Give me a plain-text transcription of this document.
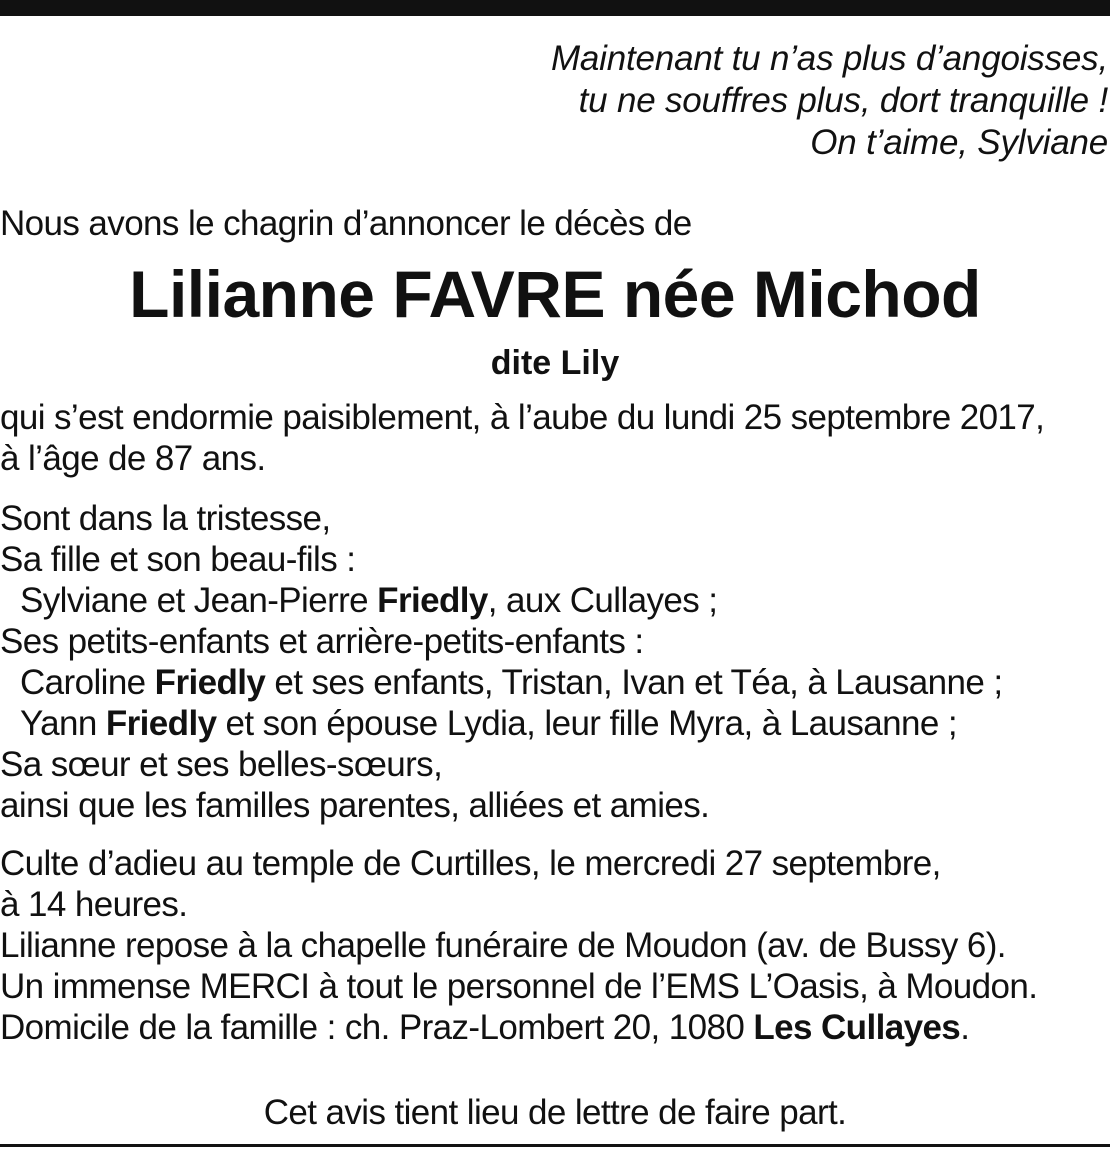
Maintenant tu n’as plus d’angoisses,
tu ne souffres plus, dort tranquille !
On t’aime, Sylviane
Nous avons le chagrin d’annoncer le décès de
Lilianne FAVRE née Michod
dite Lily
qui s’est endormie paisiblement, à l’aube du lundi 25 septembre 2017,
à l’âge de 87 ans.
Sont dans la tristesse,
Sa fille et son beau-fils :
Sylviane et Jean-Pierre Friedly, aux Cullayes ;
Ses petits-enfants et arrière-petits-enfants :
Caroline Friedly et ses enfants, Tristan, Ivan et Téa, à Lausanne ;
Yann Friedly et son épouse Lydia, leur fille Myra, à Lausanne ;
Sa sœur et ses belles-sœurs,
ainsi que les familles parentes, alliées et amies.
Culte d’adieu au temple de Curtilles, le mercredi 27 septembre,
à 14 heures.
Lilianne repose à la chapelle funéraire de Moudon (av. de Bussy 6).
Un immense MERCI à tout le personnel de l’EMS L’Oasis, à Moudon.
Domicile de la famille : ch. Praz-Lombert 20, 1080 Les Cullayes.
Cet avis tient lieu de lettre de faire part.
